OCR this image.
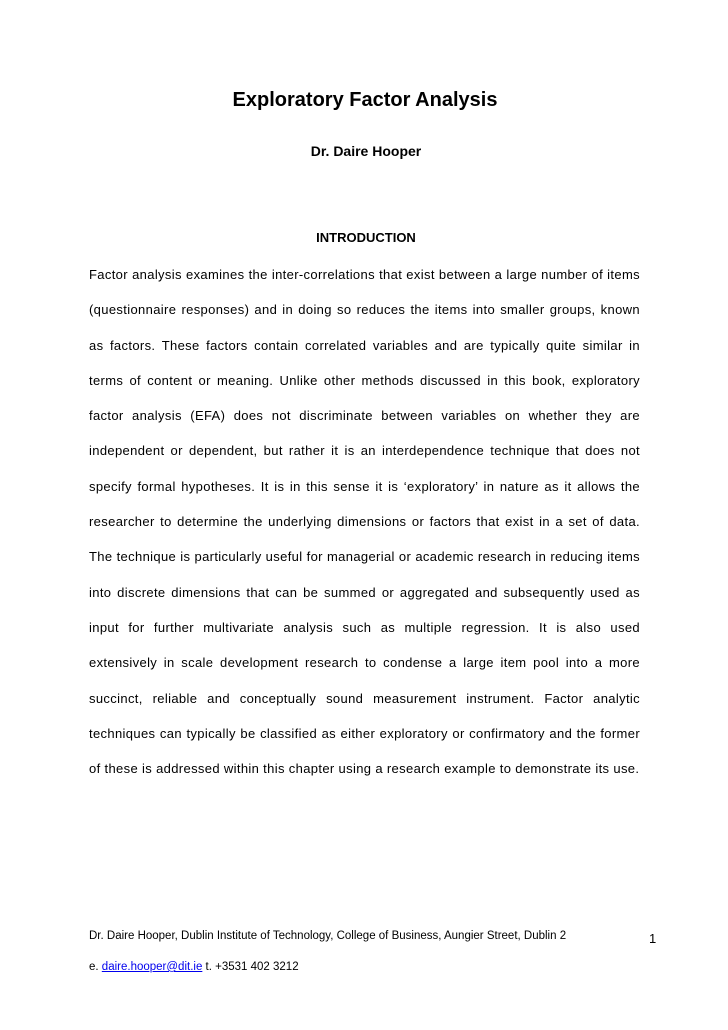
Exploratory Factor Analysis
Dr. Daire Hooper
INTRODUCTION

Factor analysis examines the inter-correlations that exist between a large number of items (questionnaire responses) and in doing so reduces the items into smaller groups, known as factors. These factors contain correlated variables and are typically quite similar in terms of content or meaning. Unlike other methods discussed in this book, exploratory factor analysis (EFA) does not discriminate between variables on whether they are independent or dependent, but rather it is an interdependence technique that does not specify formal hypotheses. It is in this sense it is ‘exploratory’ in nature as it allows the researcher to determine the underlying dimensions or factors that exist in a set of data. The technique is particularly useful for managerial or academic research in reducing items into discrete dimensions that can be summed or aggregated and subsequently used as input for further multivariate analysis such as multiple regression. It is also used extensively in scale development research to condense a large item pool into a more succinct, reliable and conceptually sound measurement instrument. Factor analytic techniques can typically be classified as either exploratory or confirmatory and the former of these is addressed within this chapter using a research example to demonstrate its use.

Dr. Daire Hooper, Dublin Institute of Technology, College of Business, Aungier Street, Dublin 2
e. daire.hooper@dit.ie t. +3531 402 3212
1
